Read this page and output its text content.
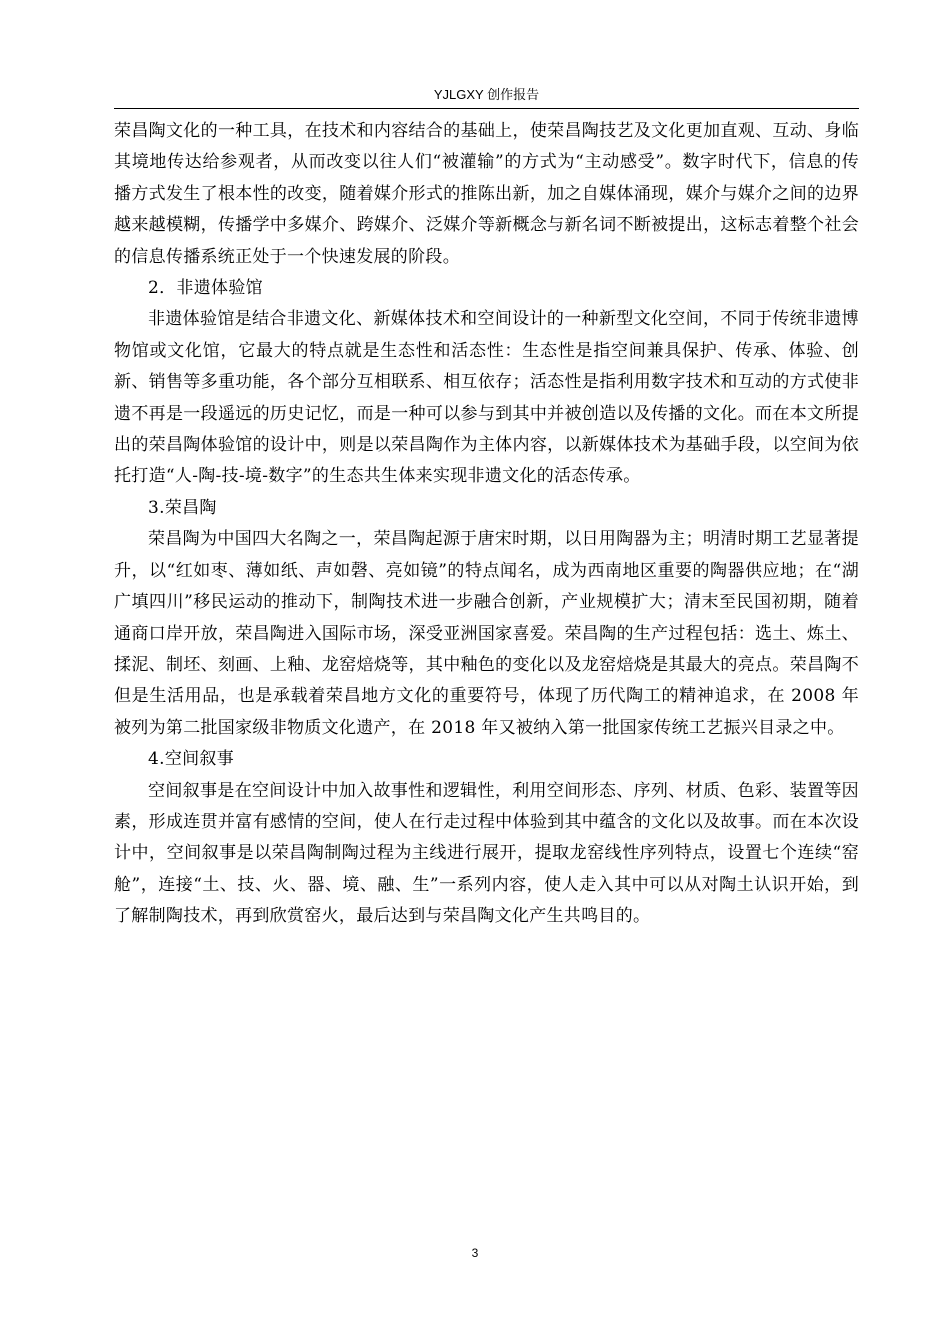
YJLGXY 创作报告

荣昌陶文化的一种工具，在技术和内容结合的基础上，使荣昌陶技艺及文化更加直观、互动、身临其境地传达给参观者，从而改变以往人们“被灌输”的方式为“主动感受”。数字时代下，信息的传播方式发生了根本性的改变，随着媒介形式的推陈出新，加之自媒体涌现，媒介与媒介之间的边界越来越模糊，传播学中多媒介、跨媒介、泛媒介等新概念与新名词不断被提出，这标志着整个社会的信息传播系统正处于一个快速发展的阶段。

2．非遗体验馆

非遗体验馆是结合非遗文化、新媒体技术和空间设计的一种新型文化空间，不同于传统非遗博物馆或文化馆，它最大的特点就是生态性和活态性：生态性是指空间兼具保护、传承、体验、创新、销售等多重功能，各个部分互相联系、相互依存；活态性是指利用数字技术和互动的方式使非遗不再是一段遥远的历史记忆，而是一种可以参与到其中并被创造以及传播的文化。而在本文所提出的荣昌陶体验馆的设计中，则是以荣昌陶作为主体内容，以新媒体技术为基础手段，以空间为依托打造“人-陶-技-境-数字”的生态共生体来实现非遗文化的活态传承。

3.荣昌陶

荣昌陶为中国四大名陶之一，荣昌陶起源于唐宋时期，以日用陶器为主；明清时期工艺显著提升，以“红如枣、薄如纸、声如磬、亮如镜”的特点闻名，成为西南地区重要的陶器供应地；在“湖广填四川”移民运动的推动下，制陶技术进一步融合创新，产业规模扩大；清末至民国初期，随着通商口岸开放，荣昌陶进入国际市场，深受亚洲国家喜爱。荣昌陶的生产过程包括：选土、炼土、揉泥、制坯、刻画、上釉、龙窑焙烧等，其中釉色的变化以及龙窑焙烧是其最大的亮点。荣昌陶不但是生活用品，也是承载着荣昌地方文化的重要符号，体现了历代陶工的精神追求，在 2008 年被列为第二批国家级非物质文化遗产，在 2018 年又被纳入第一批国家传统工艺振兴目录之中。

4.空间叙事

空间叙事是在空间设计中加入故事性和逻辑性，利用空间形态、序列、材质、色彩、装置等因素，形成连贯并富有感情的空间，使人在行走过程中体验到其中蕴含的文化以及故事。而在本次设计中，空间叙事是以荣昌陶制陶过程为主线进行展开，提取龙窑线性序列特点，设置七个连续“窑舱”，连接“土、技、火、器、境、融、生”一系列内容，使人走入其中可以从对陶土认识开始，到了解制陶技术，再到欣赏窑火，最后达到与荣昌陶文化产生共鸣目的。

3
